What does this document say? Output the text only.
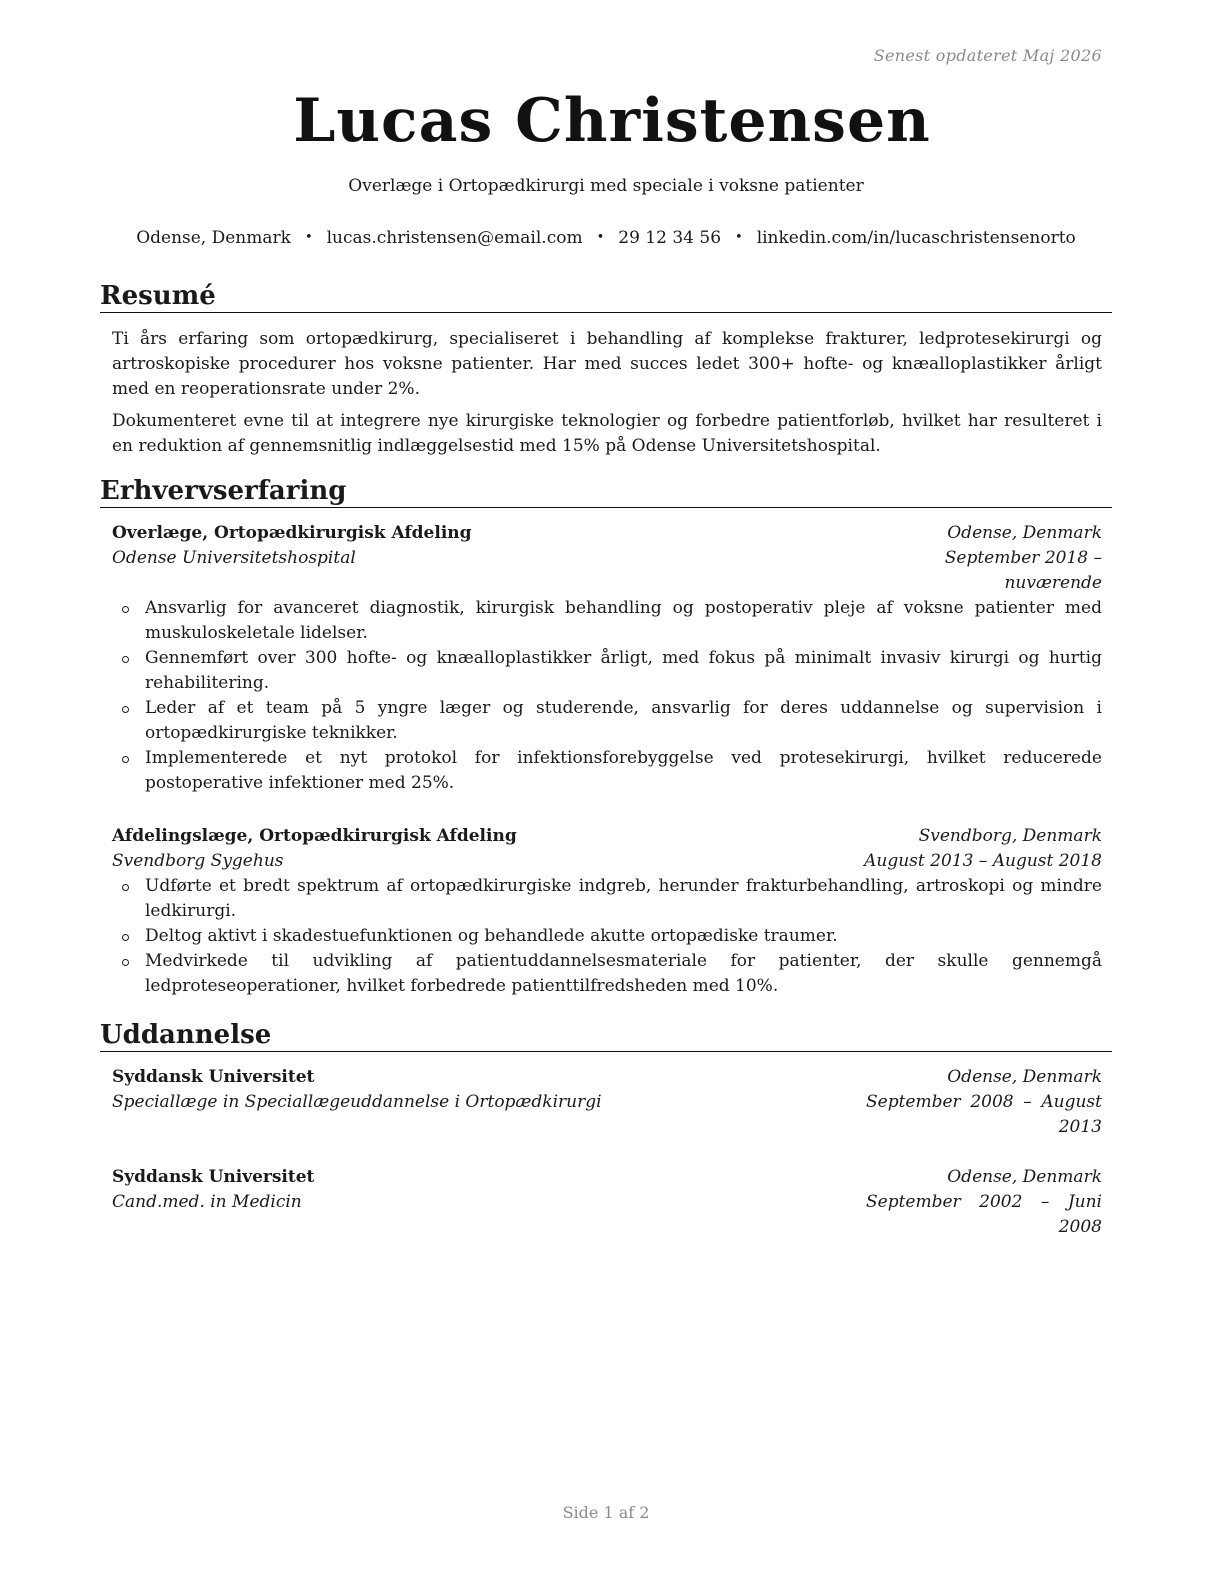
Senest opdateret Maj 2026
Lucas Christensen
Overlæge i Ortopædkirurgi med speciale i voksne patienter
Odense, Denmark • lucas.christensen@email.com • 29 12 34 56 • linkedin.com/in/lucaschristensenorto
Resumé
Ti års erfaring som ortopædkirurg, specialiseret i behandling af komplekse frakturer, ledprotesekirurgi og artroskopiske procedurer hos voksne patienter. Har med succes ledet 300+ hofte- og knæalloplastikker årligt med en reoperationsrate under 2%.
Dokumenteret evne til at integrere nye kirurgiske teknologier og forbedre patientforløb, hvilket har resulteret i en reduktion af gennemsnitlig indlæggelsestid med 15% på Odense Universitetshospital.
Erhvervserfaring
Overlæge, Ortopædkirurgisk Afdeling	Odense, Denmark
Odense Universitetshospital	September 2018 – nuværende
Ansvarlig for avanceret diagnostik, kirurgisk behandling og postoperativ pleje af voksne patienter med muskuloskeletale lidelser.
Gennemført over 300 hofte- og knæalloplastikker årligt, med fokus på minimalt invasiv kirurgi og hurtig rehabilitering.
Leder af et team på 5 yngre læger og studerende, ansvarlig for deres uddannelse og supervision i ortopædkirurgiske teknikker.
Implementerede et nyt protokol for infektionsforebyggelse ved protesekirurgi, hvilket reducerede postoperative infektioner med 25%.
Afdelingslæge, Ortopædkirurgisk Afdeling	Svendborg, Denmark
Svendborg Sygehus	August 2013 – August 2018
Udførte et bredt spektrum af ortopædkirurgiske indgreb, herunder frakturbehandling, artroskopi og mindre ledkirurgi.
Deltog aktivt i skadestuefunktionen og behandlede akutte ortopædiske traumer.
Medvirkede til udvikling af patientuddannelsesmateriale for patienter, der skulle gennemgå ledproteseoperationer, hvilket forbedrede patienttilfredsheden med 10%.
Uddannelse
Syddansk Universitet	Odense, Denmark
Speciallæge in Speciallægeuddannelse i Ortopædkirurgi	September 2008 – August 2013
Syddansk Universitet	Odense, Denmark
Cand.med. in Medicin	September 2002 – Juni 2008
Side 1 af 2
